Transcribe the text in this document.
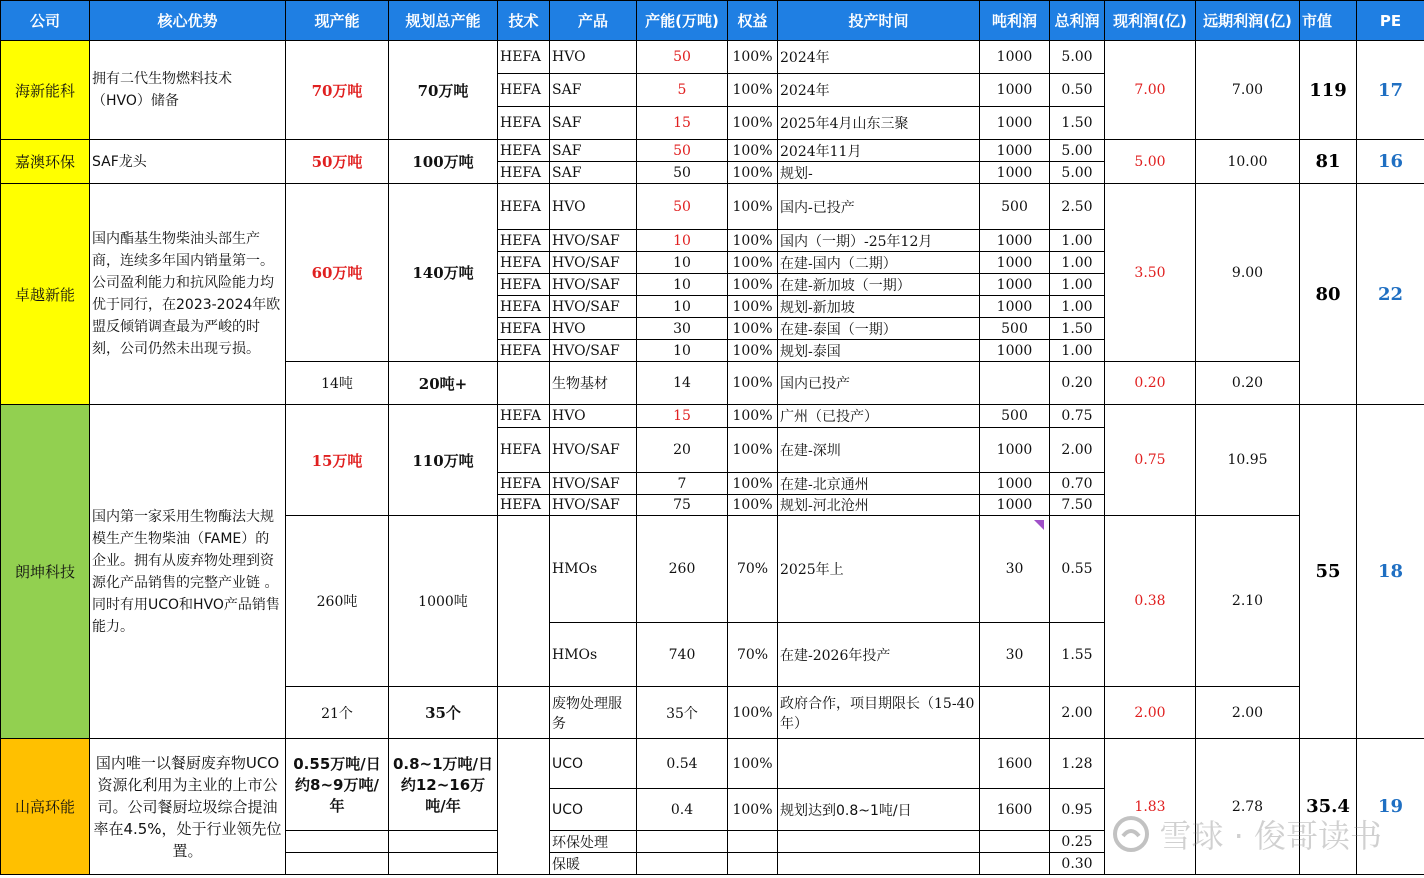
公司	核心优势	现产能	规划总产能	技术	产品	产能(万吨)	权益	投产时间	吨利润	总利润	现利润(亿)	远期利润(亿)	市值	PE
海新能科	拥有二代生物燃料技术（HVO）储备	70万吨	70万吨	HEFA	HVO	50	100%	2024年	1000	5.00	7.00	7.00	119	17
				HEFA	SAF	5	100%	2024年	1000	0.50				
				HEFA	SAF	15	100%	2025年4月山东三聚	1000	1.50				
嘉澳环保	SAF龙头	50万吨	100万吨	HEFA	SAF	50	100%	2024年11月	1000	5.00	5.00	10.00	81	16
				HEFA	SAF	50	100%	规划-	1000	5.00				
卓越新能	国内酯基生物柴油头部生产商，连续多年国内销量第一。公司盈利能力和抗风险能力均优于同行，在2023-2024年欧盟反倾销调查最为严峻的时刻，公司仍然未出现亏损。	60万吨	140万吨	HEFA	HVO	50	100%	国内-已投产	500	2.50	3.50	9.00	80	22
				HEFA	HVO/SAF	10	100%	国内（一期）-25年12月	1000	1.00				
				HEFA	HVO/SAF	10	100%	在建-国内（二期）	1000	1.00				
				HEFA	HVO/SAF	10	100%	在建-新加坡（一期）	1000	1.00				
				HEFA	HVO/SAF	10	100%	规划-新加坡	1000	1.00				
				HEFA	HVO	30	100%	在建-泰国（一期）	500	1.50				
				HEFA	HVO/SAF	10	100%	规划-泰国	1000	1.00				
		14吨	20吨+		生物基材	14	100%	国内已投产		0.20	0.20	0.20		
朗坤科技	国内第一家采用生物酶法大规模生产生物柴油（FAME）的企业。拥有从废弃物处理到资源化产品销售的完整产业链 。同时有用UCO和HVO产品销售能力。	15万吨	110万吨	HEFA	HVO	15	100%	广州（已投产）	500	0.75	0.75	10.95	55	18
				HEFA	HVO/SAF	20	100%	在建-深圳	1000	2.00				
				HEFA	HVO/SAF	7	100%	在建-北京通州	1000	0.70				
				HEFA	HVO/SAF	75	100%	规划-河北沧州	1000	7.50				
		260吨	1000吨		HMOs	260	70%	2025年上	30	0.55	0.38	2.10		
					HMOs	740	70%	在建-2026年投产	30	1.55				
		21个	35个		废物处理服务	35个	100%	政府合作，项目期限长（15-40年）		2.00	2.00	2.00		
山高环能	国内唯一以餐厨废弃物UCO资源化利用为主业的上市公司。公司餐厨垃圾综合提油率在4.5%，处于行业领先位置。	0.55万吨/日约8~9万吨/年	0.8~1万吨/日约12~16万吨/年		UCO	0.54	100%		1600	1.28	1.83	2.78	35.4	19
					UCO	0.4	100%	规划达到0.8~1吨/日	1600	0.95				
					环保处理					0.25				
					保暖					0.30				
雪球 · 俊哥读书
